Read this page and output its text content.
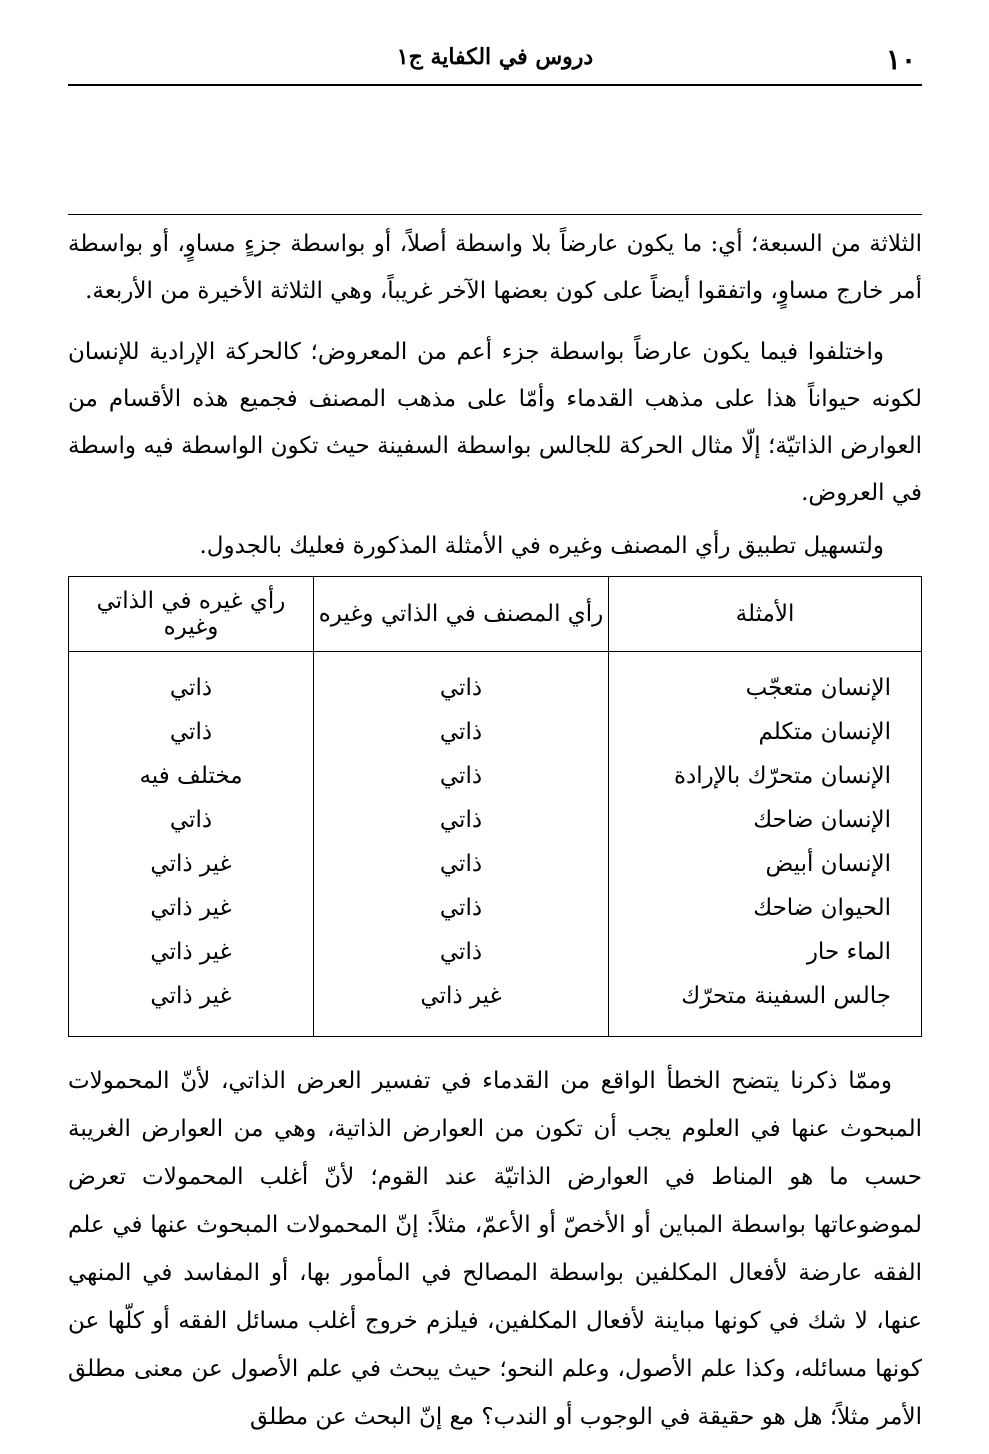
١٠
دروس في الكفاية ج١

الثلاثة من السبعة؛ أي: ما يكون عارضاً بلا واسطة أصلاً، أو بواسطة جزءٍ مساوٍ، أو بواسطة أمر خارج مساوٍ، واتفقوا أيضاً على كون بعضها الآخر غريباً، وهي الثلاثة الأخيرة من الأربعة.

واختلفوا فيما يكون عارضاً بواسطة جزء أعم من المعروض؛ كالحركة الإرادية للإنسان لكونه حيواناً هذا على مذهب القدماء وأمّا على مذهب المصنف فجميع هذه الأقسام من العوارض الذاتيّة؛ إلّا مثال الحركة للجالس بواسطة السفينة حيث تكون الواسطة فيه واسطة في العروض.

ولتسهيل تطبيق رأي المصنف وغيره في الأمثلة المذكورة فعليك بالجدول.

الأمثلة	رأي المصنف في الذاتي وغيره	رأي غيره في الذاتي وغيره
الإنسان متعجّب	ذاتي	ذاتي
الإنسان متكلم	ذاتي	ذاتي
الإنسان متحرّك بالإرادة	ذاتي	مختلف فيه
الإنسان ضاحك	ذاتي	ذاتي
الإنسان أبيض	ذاتي	غير ذاتي
الحيوان ضاحك	ذاتي	غير ذاتي
الماء حار	ذاتي	غير ذاتي
جالس السفينة متحرّك	غير ذاتي	غير ذاتي

وممّا ذكرنا يتضح الخطأ الواقع من القدماء في تفسير العرض الذاتي، لأنّ المحمولات المبحوث عنها في العلوم يجب أن تكون من العوارض الذاتية، وهي من العوارض الغريبة حسب ما هو المناط في العوارض الذاتيّة عند القوم؛ لأنّ أغلب المحمولات تعرض لموضوعاتها بواسطة المباين أو الأخصّ أو الأعمّ، مثلاً: إنّ المحمولات المبحوث عنها في علم الفقه عارضة لأفعال المكلفين بواسطة المصالح في المأمور بها، أو المفاسد في المنهي عنها، لا شك في كونها مباينة لأفعال المكلفين، فيلزم خروج أغلب مسائل الفقه أو كلّها عن كونها مسائله، وكذا علم الأصول، وعلم النحو؛ حيث يبحث في علم الأصول عن معنى مطلق الأمر مثلاً؛ هل هو حقيقة في الوجوب أو الندب؟ مع إنّ البحث عن مطلق
